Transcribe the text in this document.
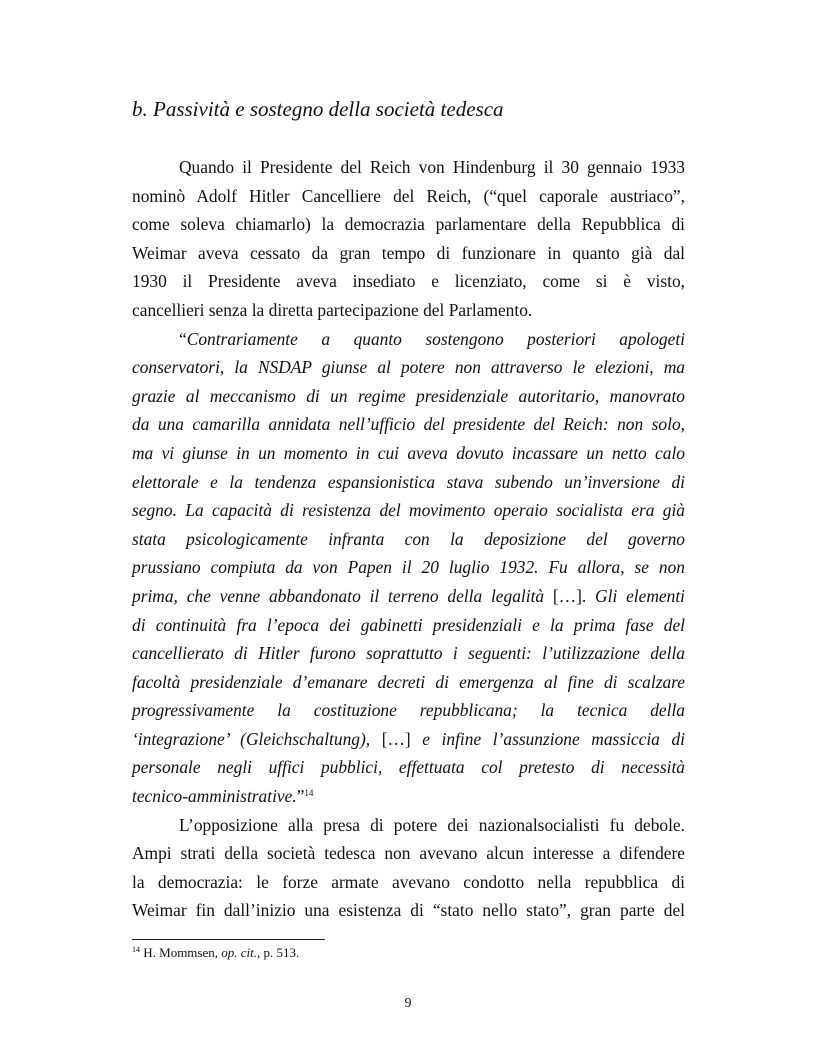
b. Passività e sostegno della società tedesca
Quando il Presidente del Reich von Hindenburg il 30 gennaio 1933
nominò Adolf Hitler Cancelliere del Reich, (“quel caporale austriaco”,
come soleva chiamarlo) la democrazia parlamentare della Repubblica di
Weimar aveva cessato da gran tempo di funzionare in quanto già dal
1930 il Presidente aveva insediato e licenziato, come si è visto,
cancellieri senza la diretta partecipazione del Parlamento.
“Contrariamente a quanto sostengono posteriori apologeti
conservatori, la NSDAP giunse al potere non attraverso le elezioni, ma
grazie al meccanismo di un regime presidenziale autoritario, manovrato
da una camarilla annidata nell’ufficio del presidente del Reich: non solo,
ma vi giunse in un momento in cui aveva dovuto incassare un netto calo
elettorale e la tendenza espansionistica stava subendo un’inversione di
segno. La capacità di resistenza del movimento operaio socialista era già
stata psicologicamente infranta con la deposizione del governo
prussiano compiuta da von Papen il 20 luglio 1932. Fu allora, se non
prima, che venne abbandonato il terreno della legalità […]. Gli elementi
di continuità fra l’epoca dei gabinetti presidenziali e la prima fase del
cancellierato di Hitler furono soprattutto i seguenti: l’utilizzazione della
facoltà presidenziale d’emanare decreti di emergenza al fine di scalzare
progressivamente la costituzione repubblicana; la tecnica della
‘integrazione’ (Gleichschaltung), […] e infine l’assunzione massiccia di
personale negli uffici pubblici, effettuata col pretesto di necessità
tecnico-amministrative.”$^{14}$
L’opposizione alla presa di potere dei nazionalsocialisti fu debole.
Ampi strati della società tedesca non avevano alcun interesse a difendere
la democrazia: le forze armate avevano condotto nella repubblica di
Weimar fin dall’inizio una esistenza di “stato nello stato”, gran parte del
$^{14}$ H. Mommsen, op. cit., p. 513.
9
